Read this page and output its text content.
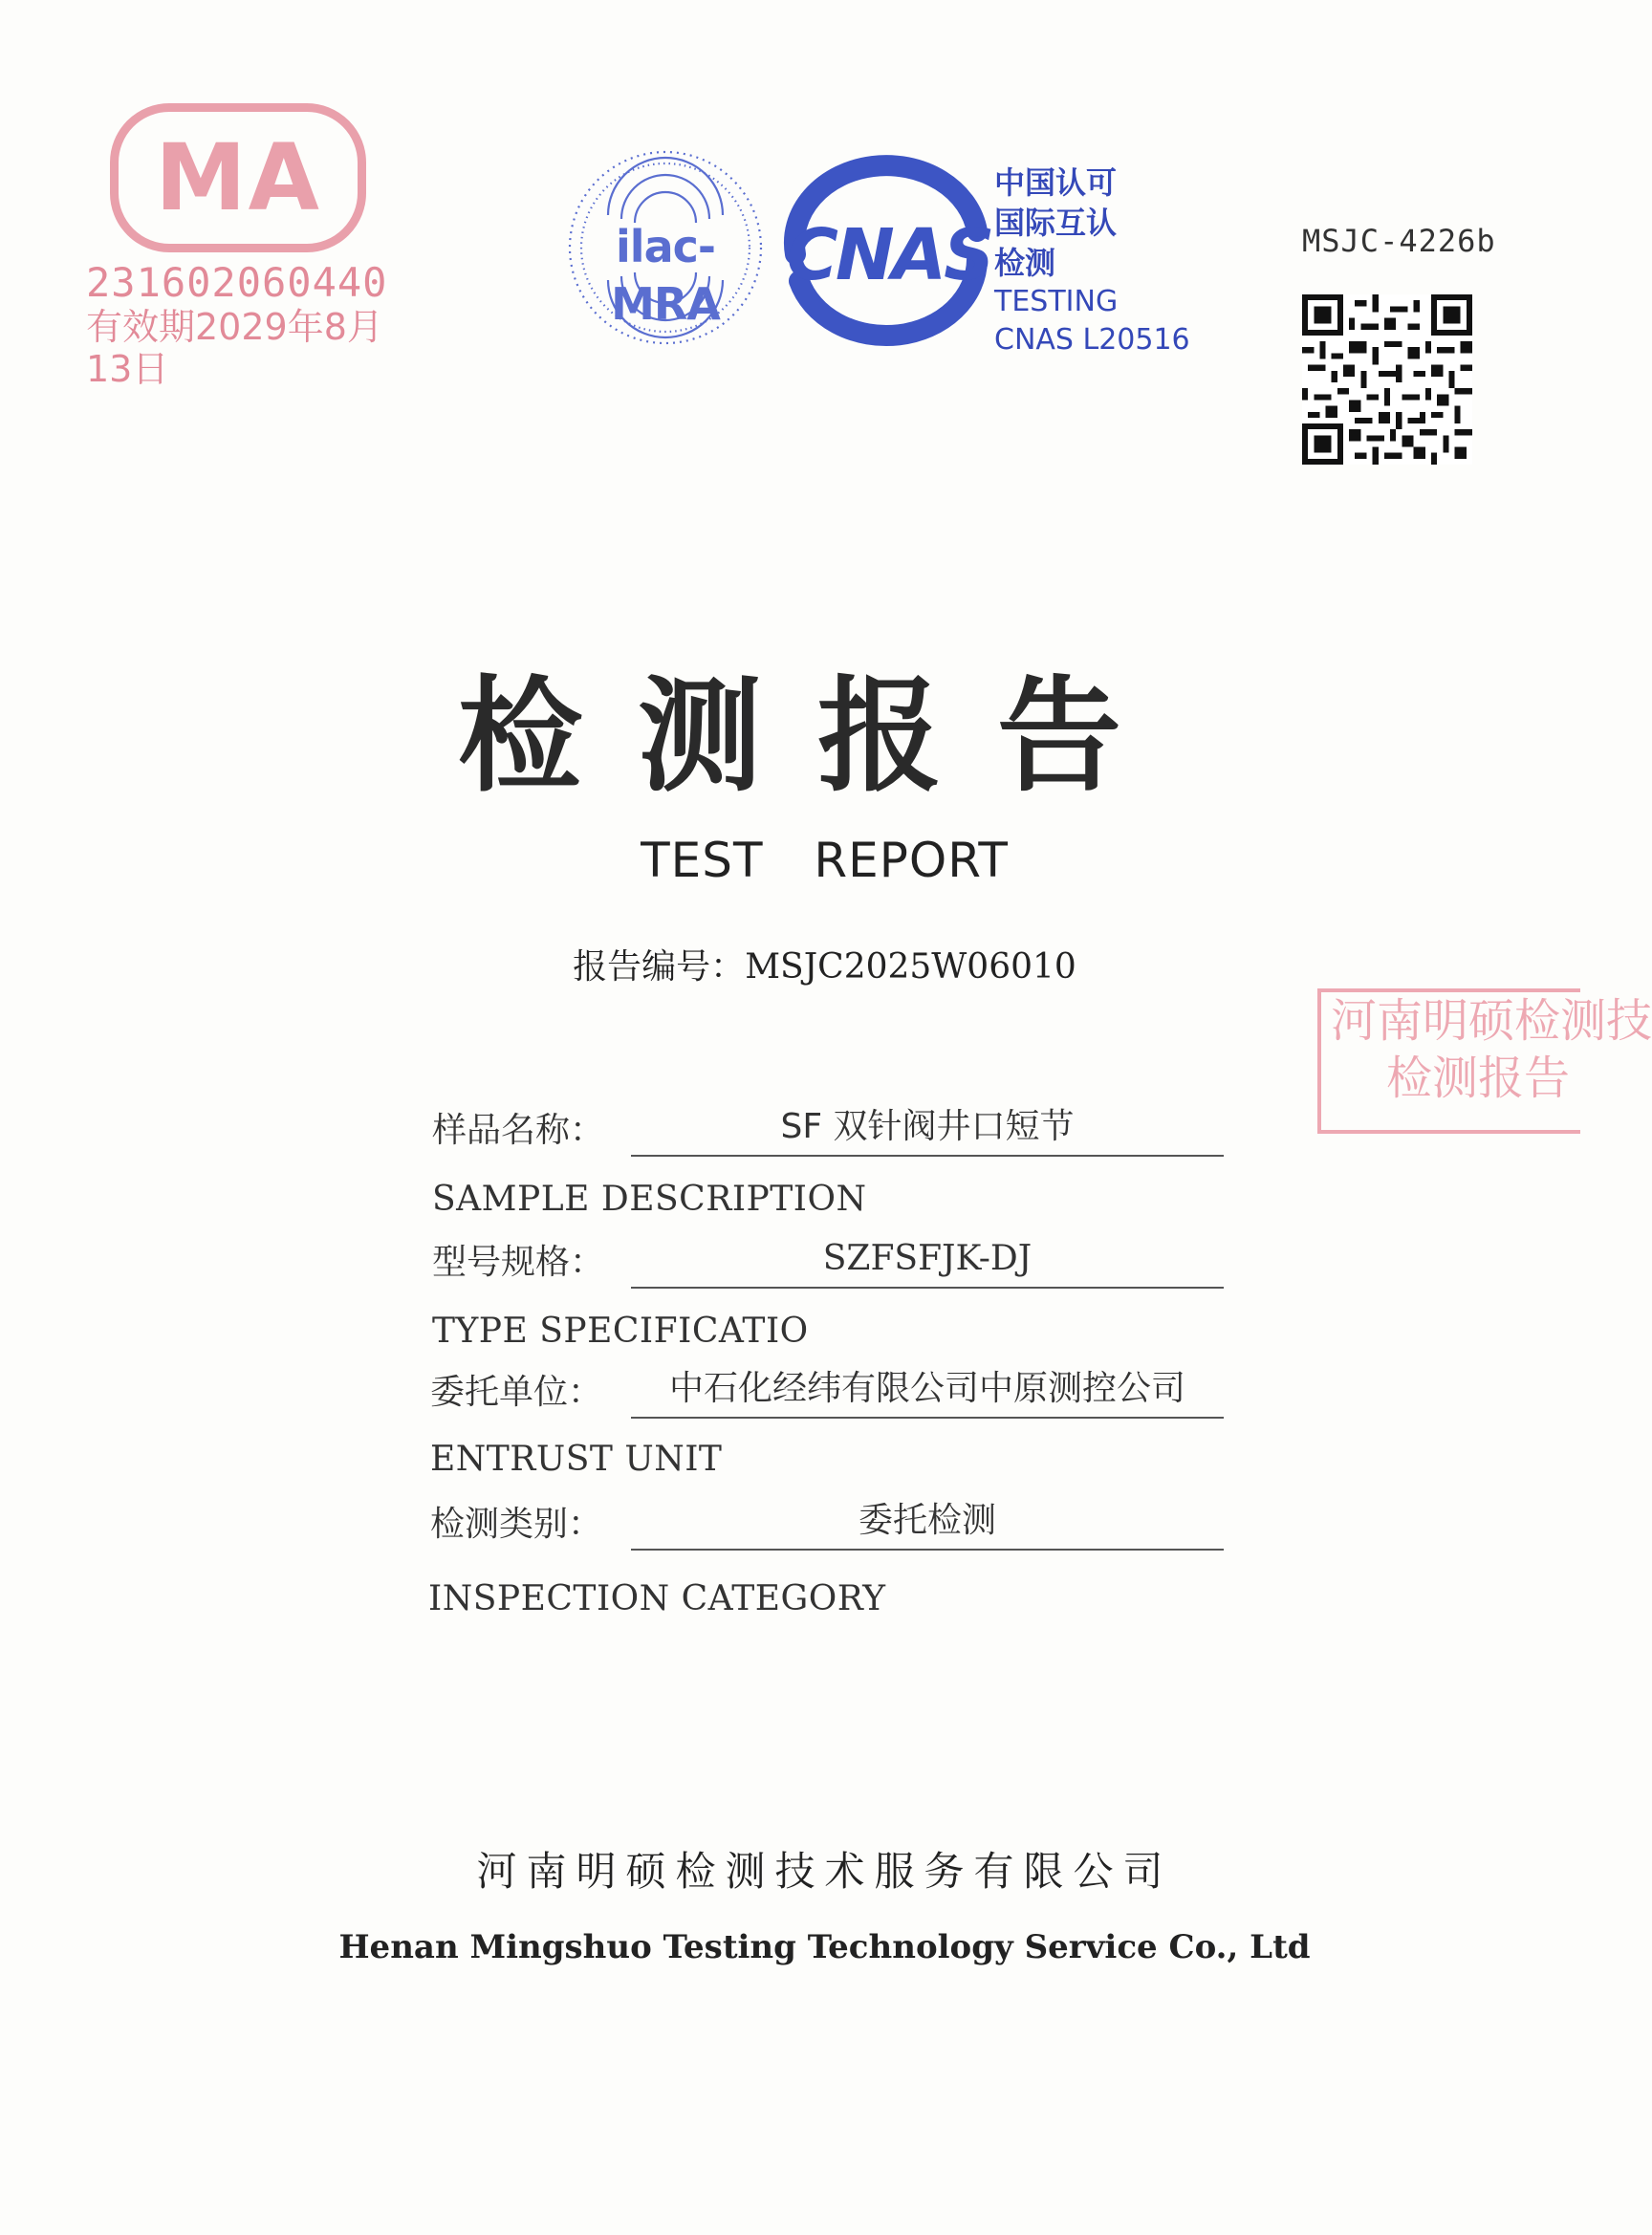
MA
231602060440
有效期2029年8月13日
ilac-MRA
CNAS
中国认可
国际互认
检测
TESTING
CNAS L20516
MSJC-4226b
河南明硕检测技
检测报告
检测报告
TEST REPORT
报告编号：MSJC2025W06010
样品名称：	SF 双针阀井口短节
SAMPLE DESCRIPTION
型号规格：	SZFSFJK-DJ
TYPE SPECIFICATIO
委托单位：	中石化经纬有限公司中原测控公司
ENTRUST UNIT
检测类别：	委托检测
INSPECTION CATEGORY
河南明硕检测技术服务有限公司
Henan Mingshuo Testing Technology Service Co., Ltd
